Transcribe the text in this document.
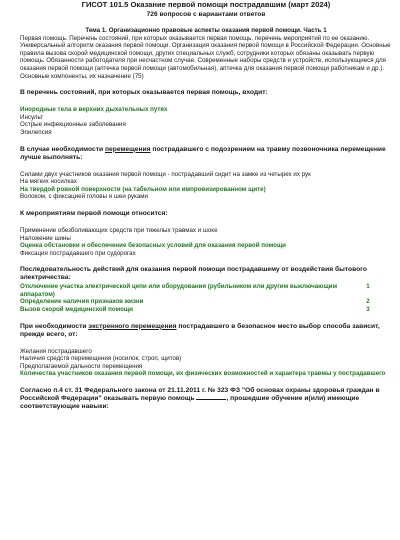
ГИСОТ 101.5 Оказание первой помощи пострадавшим (март 2024)
726 вопросов с вариантами ответов
Тема 1. Организационно правовые аспекты оказания первой помощи. Часть 1
Первая помощь. Перечень состояний, при которых оказывается первая помощь, перечень мероприятий по ее оказанию. Универсальный алгоритм оказания первой помощи. Организация оказания первой помощи в Российской Федерации. Основные правила вызова скорой медицинской помощи, других специальных служб, сотрудники которых обязаны оказывать первую помощь. Обязанности работодателя при несчастном случае. Современные наборы средств и устройств, использующиеся для оказания первой помощи (аптечка первой помощи (автомобильная), аптечка для оказания первой помощи работникам и др.). Основные компоненты, их назначение (75)
В перечень состояний, при которых оказывается первая помощь, входит:
Инородные тела в верхних дыхательных путях
Инсульт
Острые инфекционные заболевания
Эпилепсия
В случае необходимости перемещения пострадавшего с подозрением на травму позвоночника перемещение лучше выполнять:
Силами двух участников оказания первой помощи - пострадавший сидит на замке из четырех их рук
На мягких носилках
На твердой ровной поверхности (на табельном или импровизированном щите)
Волоком, с фиксацией головы и шеи руками
К мероприятиям первой помощи относится:
Применение обезболивающих средств при тяжелых травмах и шоке
Наложение шины
Оценка обстановки и обеспечение безопасных условий для оказания первой помощи
Фиксация пострадавшего при судорогах
Последовательность действий для оказания первой помощи пострадавшему от воздействия бытового электричества:
Отключение участка электрической цепи или оборудования (рубильником или другим выключающим аппаратом)
1
Определение наличия признаков жизни	2
Вызов скорой медицинской помощи	3
При необходимости экстренного перемещения пострадавшего в безопасное место выбор способа зависит, прежде всего, от:
Желания пострадавшего
Наличия средств перемещения (носилок, строп, щитов)
Предполагаемой дальности перемещения
Количества участников оказания первой помощи, их физических возможностей и характера травмы у пострадавшего
Согласно п.4 ст. 31 Федерального закона от 21.11.2011 г. № 323 ФЗ "Об основах охраны здоровья граждан в Российской Федерации" оказывать первую помощь	, прошедшие обучение и(или) имеющие соответствующие навыки:
